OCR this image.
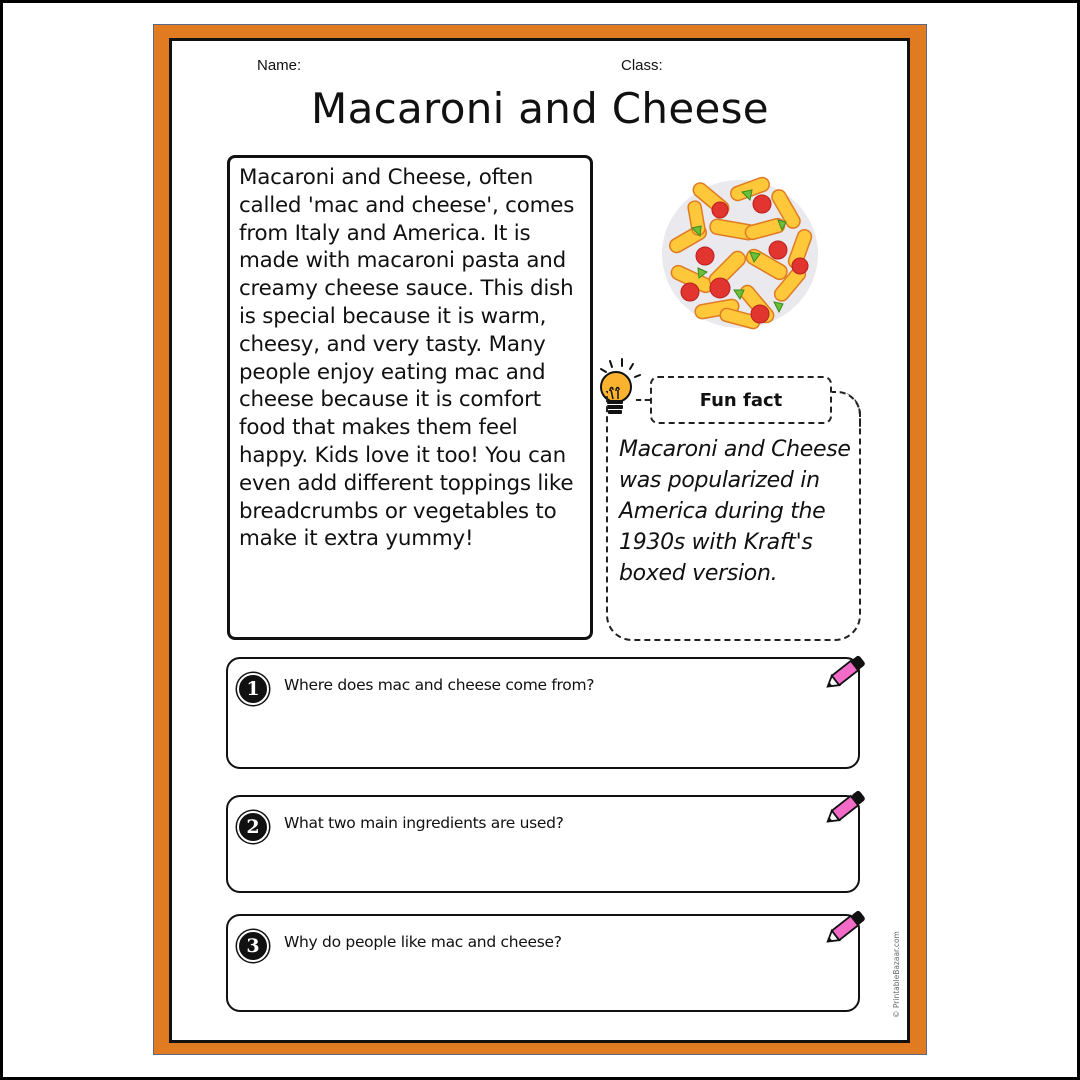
Name:	Class:
Macaroni and Cheese

Macaroni and Cheese, often called 'mac and cheese', comes from Italy and America. It is made with macaroni pasta and creamy cheese sauce. This dish is special because it is warm, cheesy, and very tasty. Many people enjoy eating mac and cheese because it is comfort food that makes them feel happy. Kids love it too! You can even add different toppings like breadcrumbs or vegetables to make it extra yummy!

Fun fact
Macaroni and Cheese was popularized in America during the 1930s with Kraft's boxed version.
1	Where does mac and cheese come from?
2	What two main ingredients are used?
3	Why do people like mac and cheese?	© PrintableBazaar.com
